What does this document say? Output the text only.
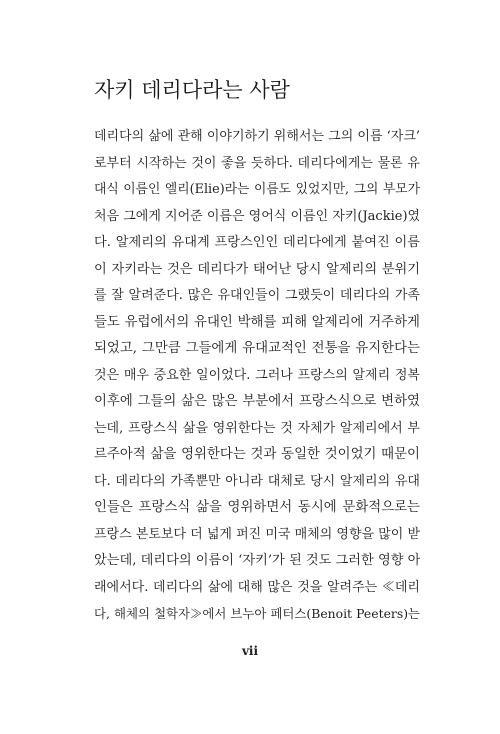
자키 데리다라는 사람
데리다의 삶에 관해 이야기하기 위해서는 그의 이름 ‘자크’
로부터 시작하는 것이 좋을 듯하다. 데리다에게는 물론 유
대식 이름인 엘리(Elie)라는 이름도 있었지만, 그의 부모가
처음 그에게 지어준 이름은 영어식 이름인 자키(Jackie)였
다. 알제리의 유대계 프랑스인인 데리다에게 붙여진 이름
이 자키라는 것은 데리다가 태어난 당시 알제리의 분위기
를 잘 알려준다. 많은 유대인들이 그랬듯이 데리다의 가족
들도 유럽에서의 유대인 박해를 피해 알제리에 거주하게
되었고, 그만큼 그들에게 유대교적인 전통을 유지한다는
것은 매우 중요한 일이었다. 그러나 프랑스의 알제리 정복
이후에 그들의 삶은 많은 부분에서 프랑스식으로 변하였
는데, 프랑스식 삶을 영위한다는 것 자체가 알제리에서 부
르주아적 삶을 영위한다는 것과 동일한 것이었기 때문이
다. 데리다의 가족뿐만 아니라 대체로 당시 알제리의 유대
인들은 프랑스식 삶을 영위하면서 동시에 문화적으로는
프랑스 본토보다 더 넓게 퍼진 미국 매체의 영향을 많이 받
았는데, 데리다의 이름이 ‘자키’가 된 것도 그러한 영향 아
래에서다. 데리다의 삶에 대해 많은 것을 알려주는 ≪데리
다, 해체의 철학자≫에서 브누아 페터스(Benoit Peeters)는
vii
